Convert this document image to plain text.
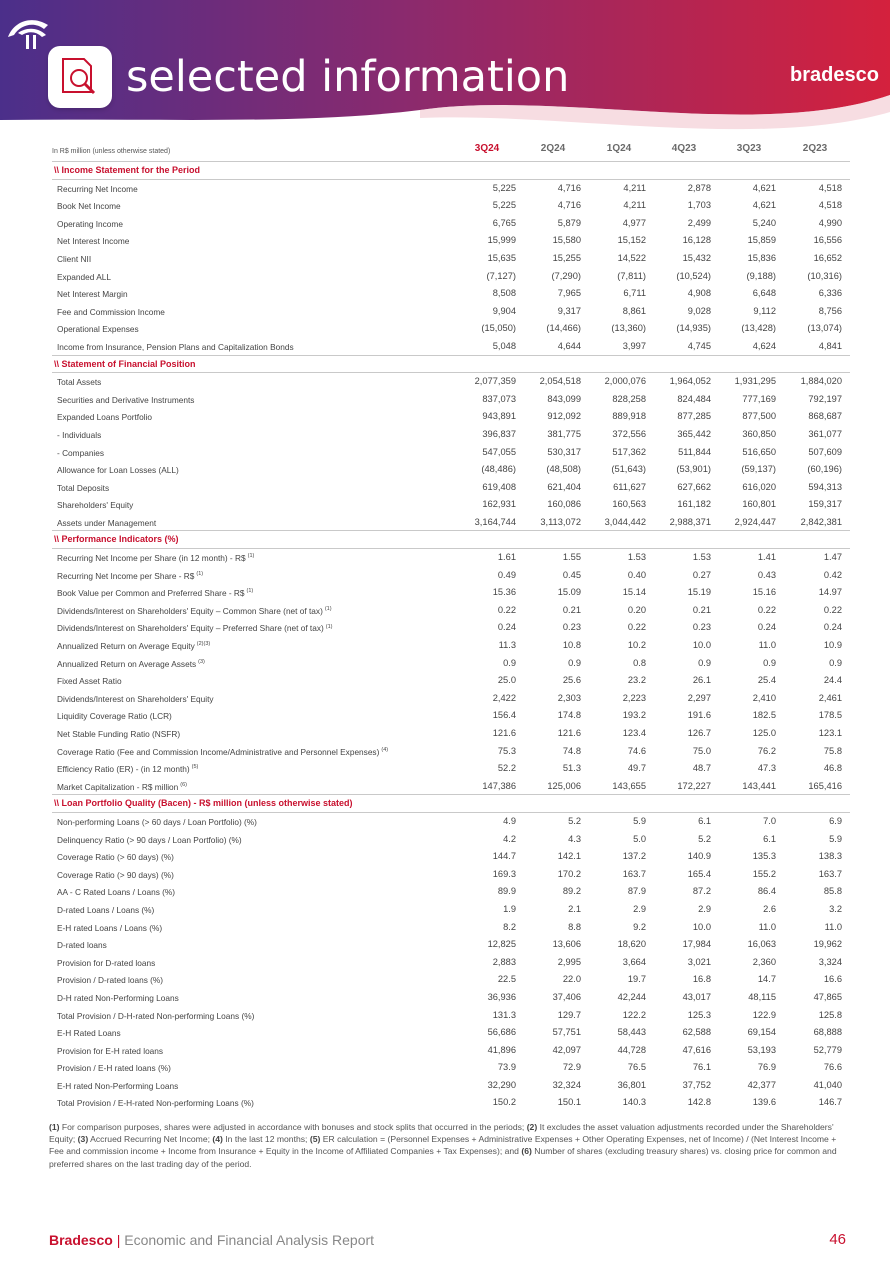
selected information	bradesco
In R$ million (unless otherwise stated)	3Q24	2Q24	1Q24	4Q23	3Q23	2Q23
\\ Income Statement for the Period
Recurring Net Income	5,225	4,716	4,211	2,878	4,621	4,518
Book Net Income	5,225	4,716	4,211	1,703	4,621	4,518
Operating Income	6,765	5,879	4,977	2,499	5,240	4,990
Net Interest Income	15,999	15,580	15,152	16,128	15,859	16,556
Client NII	15,635	15,255	14,522	15,432	15,836	16,652
Expanded ALL	(7,127)	(7,290)	(7,811)	(10,524)	(9,188)	(10,316)
Net Interest Margin	8,508	7,965	6,711	4,908	6,648	6,336
Fee and Commission Income	9,904	9,317	8,861	9,028	9,112	8,756
Operational Expenses	(15,050)	(14,466)	(13,360)	(14,935)	(13,428)	(13,074)
Income from Insurance, Pension Plans and Capitalization Bonds	5,048	4,644	3,997	4,745	4,624	4,841
\\ Statement of Financial Position
Total Assets	2,077,359	2,054,518	2,000,076	1,964,052	1,931,295	1,884,020
Securities and Derivative Instruments	837,073	843,099	828,258	824,484	777,169	792,197
Expanded Loans Portfolio	943,891	912,092	889,918	877,285	877,500	868,687
- Individuals	396,837	381,775	372,556	365,442	360,850	361,077
- Companies	547,055	530,317	517,362	511,844	516,650	507,609
Allowance for Loan Losses (ALL)	(48,486)	(48,508)	(51,643)	(53,901)	(59,137)	(60,196)
Total Deposits	619,408	621,404	611,627	627,662	616,020	594,313
Shareholders' Equity	162,931	160,086	160,563	161,182	160,801	159,317
Assets under Management	3,164,744	3,113,072	3,044,442	2,988,371	2,924,447	2,842,381
\\ Performance Indicators (%)
Recurring Net Income per Share (in 12 month) - R$ $^{(1)}$	1.61	1.55	1.53	1.53	1.41	1.47
Recurring Net Income per Share - R$ $^{(1)}$	0.49	0.45	0.40	0.27	0.43	0.42
Book Value per Common and Preferred Share - R$ $^{(1)}$	15.36	15.09	15.14	15.19	15.16	14.97
Dividends/Interest on Shareholders' Equity – Common Share (net of tax) $^{(1)}$	0.22	0.21	0.20	0.21	0.22	0.22
Dividends/Interest on Shareholders' Equity – Preferred Share (net of tax) $^{(1)}$	0.24	0.23	0.22	0.23	0.24	0.24
Annualized Return on Average Equity $^{(2)(3)}$	11.3	10.8	10.2	10.0	11.0	10.9
Annualized Return on Average Assets $^{(3)}$	0.9	0.9	0.8	0.9	0.9	0.9
Fixed Asset Ratio	25.0	25.6	23.2	26.1	25.4	24.4
Dividends/Interest on Shareholders' Equity	2,422	2,303	2,223	2,297	2,410	2,461
Liquidity Coverage Ratio (LCR)	156.4	174.8	193.2	191.6	182.5	178.5
Net Stable Funding Ratio (NSFR)	121.6	121.6	123.4	126.7	125.0	123.1
Coverage Ratio (Fee and Commission Income/Administrative and Personnel Expenses) $^{(4)}$	75.3	74.8	74.6	75.0	76.2	75.8
Efficiency Ratio (ER) - (in 12 month) $^{(5)}$	52.2	51.3	49.7	48.7	47.3	46.8
Market Capitalization - R$ million $^{(6)}$	147,386	125,006	143,655	172,227	143,441	165,416
\\ Loan Portfolio Quality (Bacen) - R$ million (unless otherwise stated)
Non-performing Loans (> 60 days / Loan Portfolio) (%)	4.9	5.2	5.9	6.1	7.0	6.9
Delinquency Ratio (> 90 days / Loan Portfolio) (%)	4.2	4.3	5.0	5.2	6.1	5.9
Coverage Ratio (> 60 days) (%)	144.7	142.1	137.2	140.9	135.3	138.3
Coverage Ratio (> 90 days) (%)	169.3	170.2	163.7	165.4	155.2	163.7
AA - C Rated Loans / Loans (%)	89.9	89.2	87.9	87.2	86.4	85.8
D-rated Loans / Loans (%)	1.9	2.1	2.9	2.9	2.6	3.2
E-H rated Loans / Loans (%)	8.2	8.8	9.2	10.0	11.0	11.0
D-rated loans	12,825	13,606	18,620	17,984	16,063	19,962
Provision for D-rated loans	2,883	2,995	3,664	3,021	2,360	3,324
Provision / D-rated loans (%)	22.5	22.0	19.7	16.8	14.7	16.6
D-H rated Non-Performing Loans	36,936	37,406	42,244	43,017	48,115	47,865
Total Provision / D-H-rated Non-performing Loans (%)	131.3	129.7	122.2	125.3	122.9	125.8
E-H Rated Loans	56,686	57,751	58,443	62,588	69,154	68,888
Provision for E-H rated loans	41,896	42,097	44,728	47,616	53,193	52,779
Provision / E-H rated loans (%)	73.9	72.9	76.5	76.1	76.9	76.6
E-H rated Non-Performing Loans	32,290	32,324	36,801	37,752	42,377	41,040
Total Provision / E-H-rated Non-performing Loans (%)	150.2	150.1	140.3	142.8	139.6	146.7
(1) For comparison purposes, shares were adjusted in accordance with bonuses and stock splits that occurred in the periods; (2) It excludes the asset valuation adjustments recorded under the Shareholders' Equity; (3) Accrued Recurring Net Income; (4) In the last 12 months; (5) ER calculation = (Personnel Expenses + Administrative Expenses + Other Operating Expenses, net of Income) / (Net Interest Income + Fee and commission income + Income from Insurance + Equity in the Income of Affiliated Companies + Tax Expenses); and (6) Number of shares (excluding treasury shares) vs. closing price for common and preferred shares on the last trading day of the period.
Bradesco | Economic and Financial Analysis Report	46
